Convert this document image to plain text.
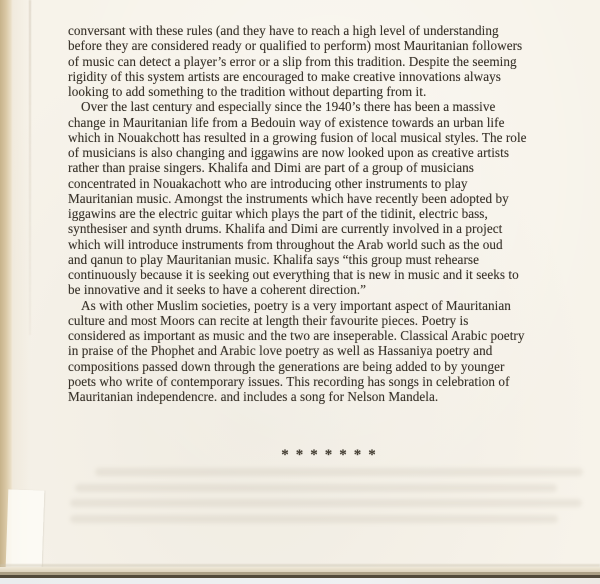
conversant with these rules (and they have to reach a high level of understanding
before they are considered ready or qualified to perform) most Mauritanian followers
of music can detect a player’s error or a slip from this tradition. Despite the seeming
rigidity of this system artists are encouraged to make creative innovations always
looking to add something to the tradition without departing from it.
Over the last century and especially since the 1940’s there has been a massive
change in Mauritanian life from a Bedouin way of existence towards an urban life
which in Nouakchott has resulted in a growing fusion of local musical styles. The role
of musicians is also changing and iggawins are now looked upon as creative artists
rather than praise singers. Khalifa and Dimi are part of a group of musicians
concentrated in Nouakachott who are introducing other instruments to play
Mauritanian music. Amongst the instruments which have recently been adopted by
iggawins are the electric guitar which plays the part of the tidinit, electric bass,
synthesiser and synth drums. Khalifa and Dimi are currently involved in a project
which will introduce instruments from throughout the Arab world such as the oud
and qanun to play Mauritanian music. Khalifa says “this group must rehearse
continuously because it is seeking out everything that is new in music and it seeks to
be innovative and it seeks to have a coherent direction.”
As with other Muslim societies, poetry is a very important aspect of Mauritanian
culture and most Moors can recite at length their favourite pieces. Poetry is
considered as important as music and the two are inseperable. Classical Arabic poetry
in praise of the Phophet and Arabic love poetry as well as Hassaniya poetry and
compositions passed down through the generations are being added to by younger
poets who write of contemporary issues. This recording has songs in celebration of
Mauritanian independencre. and includes a song for Nelson Mandela.
*******
